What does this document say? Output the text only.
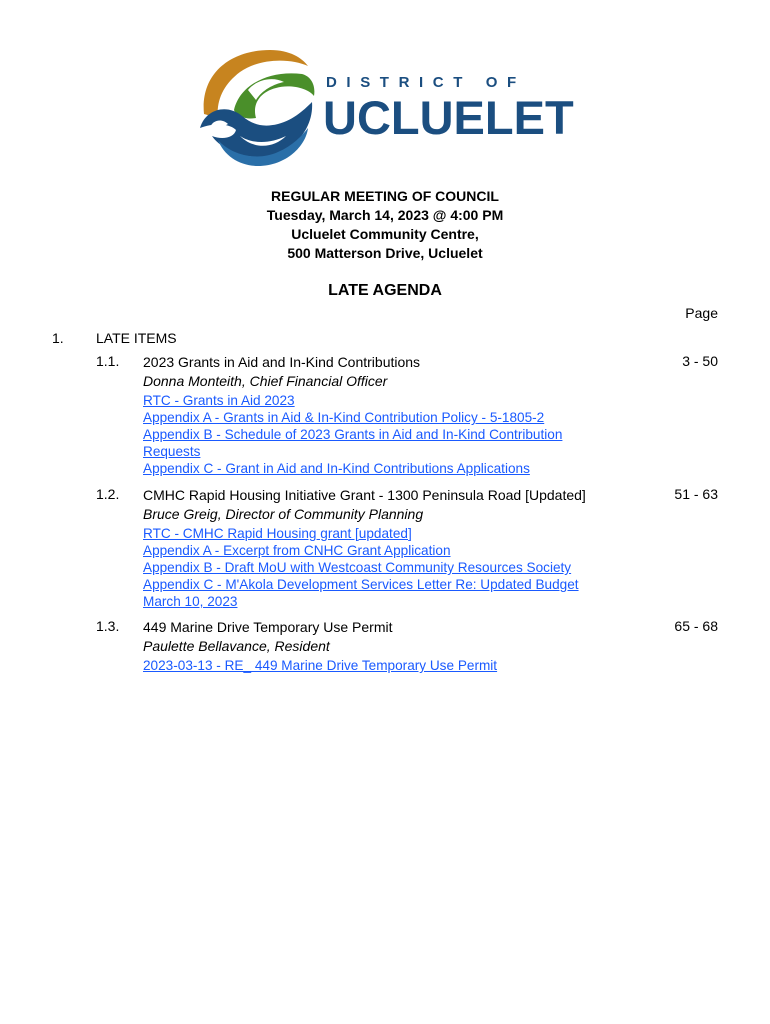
DISTRICT OF
UCLUELET
REGULAR MEETING OF COUNCIL
Tuesday, March 14, 2023 @ 4:00 PM
Ucluelet Community Centre,
500 Matterson Drive, Ucluelet
LATE AGENDA
Page
1. LATE ITEMS
1.1. 2023 Grants in Aid and In-Kind Contributions
Donna Monteith, Chief Financial Officer
RTC - Grants in Aid 2023
Appendix A - Grants in Aid & In-Kind Contribution Policy - 5-1805-2
Appendix B - Schedule of 2023 Grants in Aid and In-Kind Contribution Requests
Appendix C - Grant in Aid and In-Kind Contributions Applications
3 - 50
1.2. CMHC Rapid Housing Initiative Grant - 1300 Peninsula Road [Updated]
Bruce Greig, Director of Community Planning
RTC - CMHC Rapid Housing grant [updated]
Appendix A - Excerpt from CNHC Grant Application
Appendix B - Draft MoU with Westcoast Community Resources Society
Appendix C - M'Akola Development Services Letter Re: Updated Budget March 10, 2023
51 - 63
1.3. 449 Marine Drive Temporary Use Permit
Paulette Bellavance, Resident
2023-03-13 - RE_ 449 Marine Drive Temporary Use Permit
65 - 68
